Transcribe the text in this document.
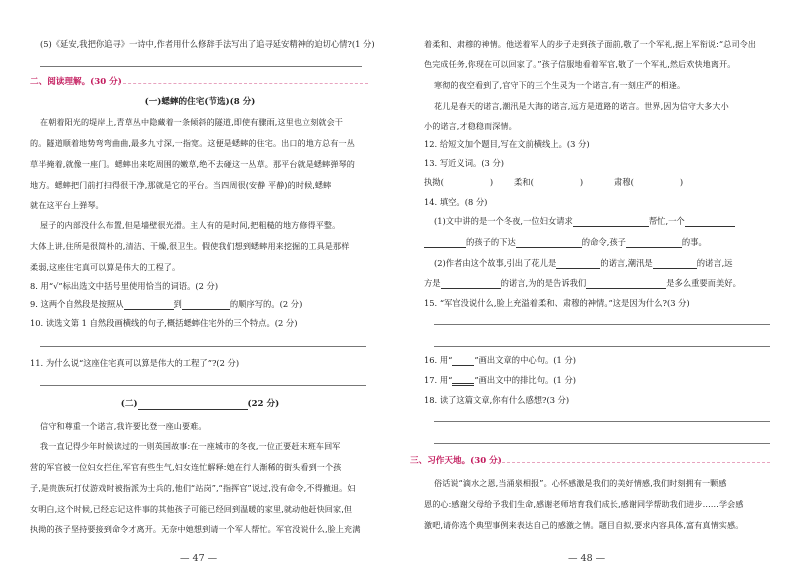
(5)《延安,我把你追寻》一诗中,作者用什么修辞手法写出了追寻延安精神的迫切心情?(1 分)
二、阅读理解。(30 分)
(一)蟋蟀的住宅(节选)(8 分)
在朝着阳光的堤岸上,青草丛中隐藏着一条倾斜的隧道,即使有骤雨,这里也立刻就会干
的。隧道顺着地势弯弯曲曲,最多九寸深,一指宽。这便是蟋蟀的住宅。出口的地方总有一丛
草半掩着,就像一座门。蟋蟀出来吃周围的嫩草,绝不去碰这一丛草。那平台就是蟋蟀弹琴的
地方。蟋蟀把门前打扫得很干净,那就是它的平台。当四周很(安静 平静)的时候,蟋蟀
就在这平台上弹琴。
屋子的内部没什么布置,但是墙壁很光滑。主人有的是时间,把粗糙的地方修得平整。
大体上讲,住所是很简朴的,清洁、干燥,很卫生。假使我们想到蟋蟀用来挖掘的工具是那样
柔弱,这座住宅真可以算是伟大的工程了。
8. 用“√”标出选文中括号里使用恰当的词语。(2 分)
9. 这两个自然段是按照从	到	的顺序写的。(2 分)
10. 读选文第 1 自然段画横线的句子,概括蟋蟀住宅外的三个特点。(2 分)
11. 为什么说“这座住宅真可以算是伟大的工程了”?(2 分)
(二)	(22 分)
信守和尊重一个诺言,我许要比登一座山要难。
我一直记得少年时候读过的一则英国故事:在一座城市的冬夜,一位正要赶末班车回军
营的军官被一位妇女拦住,军官有些生气,妇女连忙解释:她在行人渐稀的街头看到一个孩
子,是贵族玩打仗游戏时被指派为士兵的,他们“站岗”,“指挥官”说过,没有命令,不得撤退。妇
女明白,这个时候,已经忘记这件事的其他孩子可能已经回到温暖的家里,就动他赶快回家,但
执拗的孩子坚持要接到命令才离开。无奈中她想到请一个军人帮忙。军官没说什么,脸上充满
— 47 —
着柔和、肃穆的神情。他送着军人的步子走到孩子面前,敬了一个军礼,据上军衔说:“总司令出
色完成任务,你现在可以回家了。”孩子信服地看着军官,敬了一个军礼,然后欢快地离开。
寒彻的夜空看到了,官守下的三个生灵为一个诺言,有一刻庄严的相逢。
花儿是春天的诺言,潮汛是大海的诺言,远方是道路的诺言。世界,因为信守大多大小
小的诺言,才稳稳而深情。
12. 给短文加个题目,写在文前横线上。(3 分)
13. 写近义词。(3 分)
执拗(	)	柔和(	)	肃穆(	)
14. 填空。(8 分)
(1)文中讲的是一个冬夜,一位妇女请求	帮忙,一个
的孩子的下达	的命令,孩子	的事。
(2)作者由这个故事,引出了花儿是	的诺言,潮汛是	的诺言,远
方是	的诺言,为的是告诉我们	是多么重要而美好。
15. “军官没说什么,脸上充溢着柔和、肃穆的神情。”这是因为什么?(3 分)
16. 用“	”画出文章的中心句。(1 分)
17. 用“	”画出文中的排比句。(1 分)
18. 读了这篇文章,你有什么感想?(3 分)
三、习作天地。(30 分)
俗话说“滴水之恩,当涌泉相报”。心怀感激是我们的美好情感,我们时刻拥有一颗感
恩的心:感谢父母给予我们生命,感谢老师培育我们成长,感谢同学帮助我们进步……学会感
激吧,请你选个典型事例来表达自己的感激之情。题目自拟,要求内容具体,富有真情实感。
— 48 —
